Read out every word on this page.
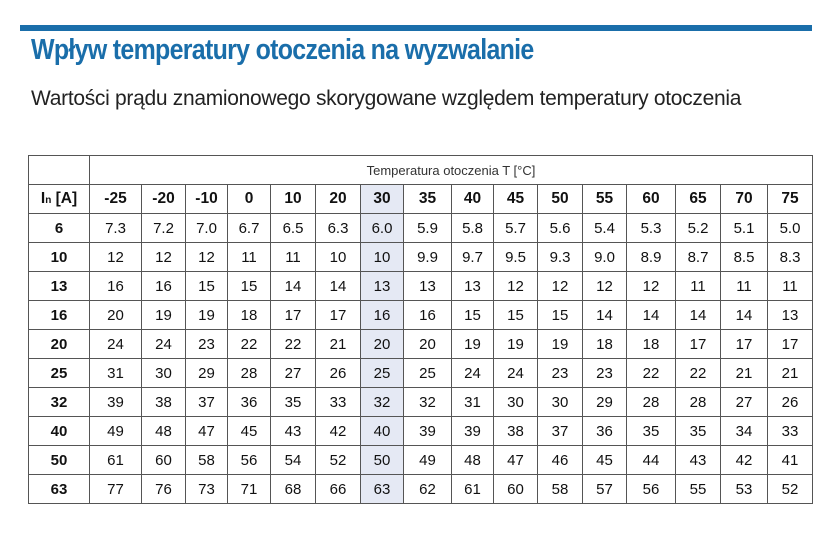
Wpływ temperatury otoczenia na wyzwalanie
Wartości prądu znamionowego skorygowane względem temperatury otoczenia
	Temperatura otoczenia T [°C]															
In [A]	-25	-20	-10	0	10	20	30	35	40	45	50	55	60	65	70	75
6	7.3	7.2	7.0	6.7	6.5	6.3	6.0	5.9	5.8	5.7	5.6	5.4	5.3	5.2	5.1	5.0
10	12	12	12	11	11	10	10	9.9	9.7	9.5	9.3	9.0	8.9	8.7	8.5	8.3
13	16	16	15	15	14	14	13	13	13	12	12	12	12	11	11	11
16	20	19	19	18	17	17	16	16	15	15	15	14	14	14	14	13
20	24	24	23	22	22	21	20	20	19	19	19	18	18	17	17	17
25	31	30	29	28	27	26	25	25	24	24	23	23	22	22	21	21
32	39	38	37	36	35	33	32	32	31	30	30	29	28	28	27	26
40	49	48	47	45	43	42	40	39	39	38	37	36	35	35	34	33
50	61	60	58	56	54	52	50	49	48	47	46	45	44	43	42	41
63	77	76	73	71	68	66	63	62	61	60	58	57	56	55	53	52
